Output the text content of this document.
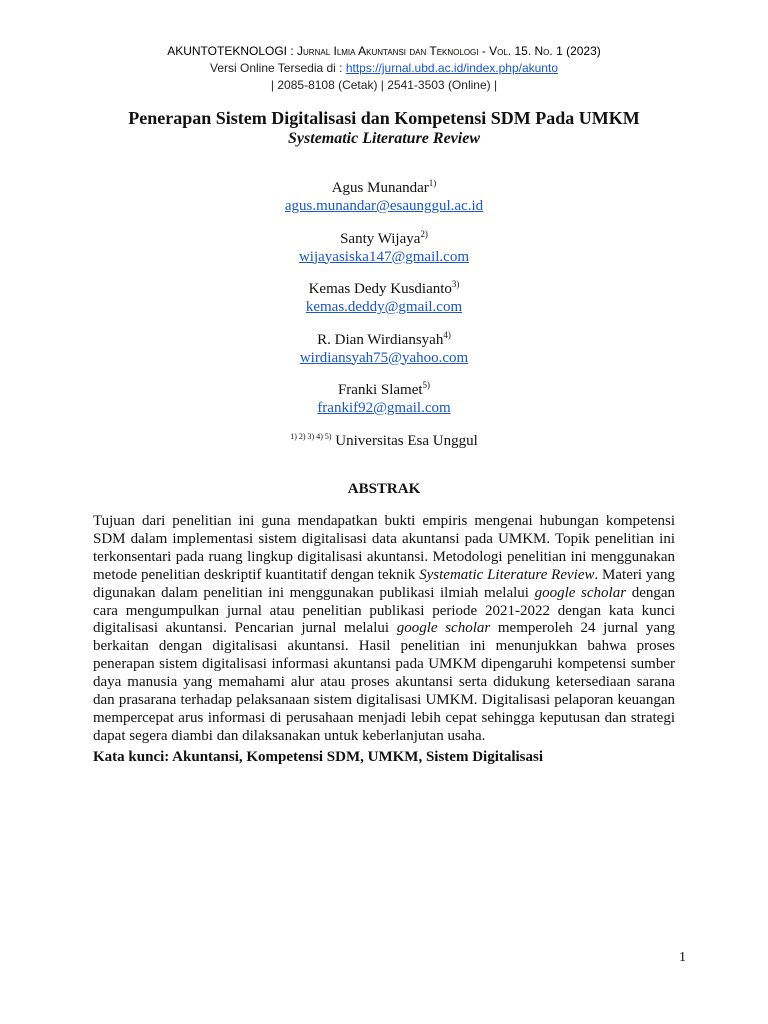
AKUNTOTEKNOLOGI : Jurnal Ilmia Akuntansi dan Teknologi - Vol. 15. No. 1 (2023)
Versi Online Tersedia di : https://jurnal.ubd.ac.id/index.php/akunto
| 2085-8108 (Cetak) | 2541-3503 (Online) |
Penerapan Sistem Digitalisasi dan Kompetensi SDM Pada UMKM
Systematic Literature Review
Agus Munandar$^{1)}$
agus.munandar@esaunggul.ac.id
Santy Wijaya$^{2)}$
wijayasiska147@gmail.com
Kemas Dedy Kusdianto$^{3)}$
kemas.deddy@gmail.com
R. Dian Wirdiansyah$^{4)}$
wirdiansyah75@yahoo.com
Franki Slamet$^{5)}$
frankif92@gmail.com
$^{1) 2) 3) 4) 5)}$ Universitas Esa Unggul
ABSTRAK

Tujuan dari penelitian ini guna mendapatkan bukti empiris mengenai hubungan kompetensi SDM dalam implementasi sistem digitalisasi data akuntansi pada UMKM. Topik penelitian ini terkonsentari pada ruang lingkup digitalisasi akuntansi. Metodologi penelitian ini menggunakan metode penelitian deskriptif kuantitatif dengan teknik Systematic Literature Review. Materi yang digunakan dalam penelitian ini menggunakan publikasi ilmiah melalui google scholar dengan cara mengumpulkan jurnal atau penelitian publikasi periode 2021-2022 dengan kata kunci digitalisasi akuntansi. Pencarian jurnal melalui google scholar memperoleh 24 jurnal yang berkaitan dengan digitalisasi akuntansi. Hasil penelitian ini menunjukkan bahwa proses penerapan sistem digitalisasi informasi akuntansi pada UMKM dipengaruhi kompetensi sumber daya manusia yang memahami alur atau proses akuntansi serta didukung ketersediaan sarana dan prasarana terhadap pelaksanaan sistem digitalisasi UMKM. Digitalisasi pelaporan keuangan mempercepat arus informasi di perusahaan menjadi lebih cepat sehingga keputusan dan strategi dapat segera diambi dan dilaksanakan untuk keberlanjutan usaha.

Kata kunci: Akuntansi, Kompetensi SDM, UMKM, Sistem Digitalisasi
1
